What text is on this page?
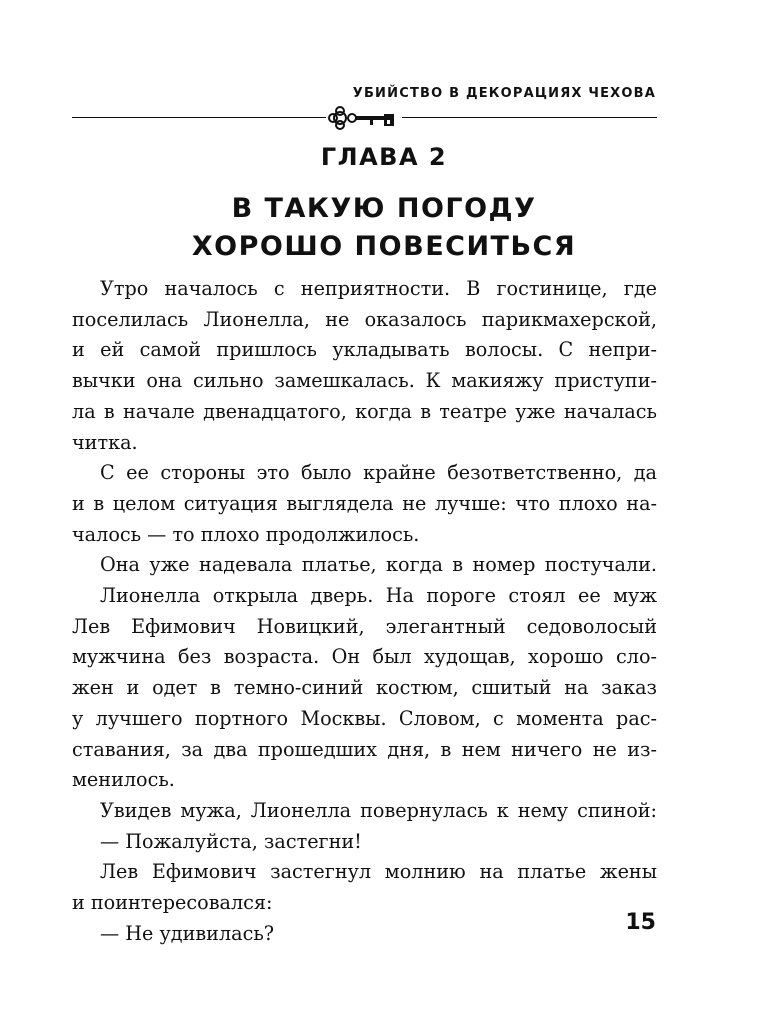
УБИЙСТВО В ДЕКОРАЦИЯХ ЧЕХОВА
ГЛАВА 2
В ТАКУЮ ПОГОДУ
ХОРОШО ПОВЕСИТЬСЯ
Утро началось с неприятности. В гостинице, где
поселилась Лионелла, не оказалось парикмахерской,
и ей самой пришлось укладывать волосы. С непри-
вычки она сильно замешкалась. К макияжу приступи-
ла в начале двенадцатого, когда в театре уже началась
читка.
С ее стороны это было крайне безответственно, да
и в целом ситуация выглядела не лучше: что плохо на-
чалось — то плохо продолжилось.
Она уже надевала платье, когда в номер постучали.
Лионелла открыла дверь. На пороге стоял ее муж
Лев Ефимович Новицкий, элегантный седоволосый
мужчина без возраста. Он был худощав, хорошо сло-
жен и одет в темно-синий костюм, сшитый на заказ
у лучшего портного Москвы. Словом, с момента рас-
ставания, за два прошедших дня, в нем ничего не из-
менилось.
Увидев мужа, Лионелла повернулась к нему спиной:
— Пожалуйста, застегни!
Лев Ефимович застегнул молнию на платье жены
и поинтересовался:
— Не удивилась?	15
